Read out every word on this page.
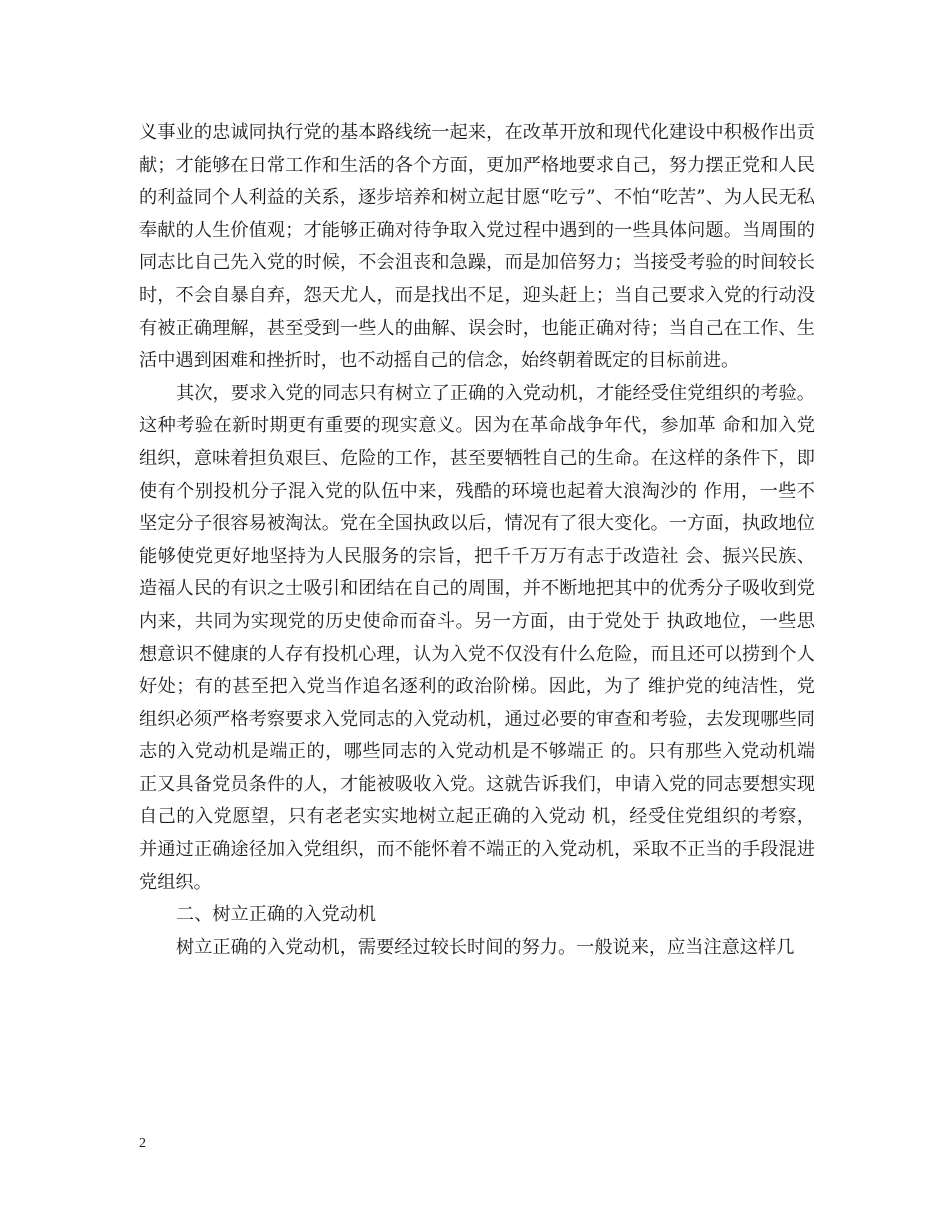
义事业的忠诚同执行党的基本路线统一起来，在改革开放和现代化建设中积极作出贡献；才能够在日常工作和生活的各个方面，更加严格地要求自己，努力摆正党和人民的利益同个人利益的关系，逐步培养和树立起甘愿“吃亏”、不怕“吃苦”、为人民无私奉献的人生价值观；才能够正确对待争取入党过程中遇到的一些具体问题。当周围的同志比自己先入党的时候，不会沮丧和急躁，而是加倍努力；当接受考验的时间较长时，不会自暴自弃，怨天尤人，而是找出不足，迎头赶上；当自己要求入党的行动没有被正确理解，甚至受到一些人的曲解、误会时，也能正确对待；当自己在工作、生活中遇到困难和挫折时，也不动摇自己的信念，始终朝着既定的目标前进。

其次，要求入党的同志只有树立了正确的入党动机，才能经受住党组织的考验。这种考验在新时期更有重要的现实意义。因为在革命战争年代，参加革 命和加入党组织，意味着担负艰巨、危险的工作，甚至要牺牲自己的生命。在这样的条件下，即使有个别投机分子混入党的队伍中来，残酷的环境也起着大浪淘沙的 作用，一些不坚定分子很容易被淘汰。党在全国执政以后，情况有了很大变化。一方面，执政地位能够使党更好地坚持为人民服务的宗旨，把千千万万有志于改造社 会、振兴民族、造福人民的有识之士吸引和团结在自己的周围，并不断地把其中的优秀分子吸收到党内来，共同为实现党的历史使命而奋斗。另一方面，由于党处于 执政地位，一些思想意识不健康的人存有投机心理，认为入党不仅没有什么危险，而且还可以捞到个人好处；有的甚至把入党当作追名逐利的政治阶梯。因此，为了 维护党的纯洁性，党组织必须严格考察要求入党同志的入党动机，通过必要的审查和考验，去发现哪些同志的入党动机是端正的，哪些同志的入党动机是不够端正 的。只有那些入党动机端正又具备党员条件的人，才能被吸收入党。这就告诉我们，申请入党的同志要想实现自己的入党愿望，只有老老实实地树立起正确的入党动 机，经受住党组织的考察，并通过正确途径加入党组织，而不能怀着不端正的入党动机，采取不正当的手段混进党组织。

二、树立正确的入党动机

树立正确的入党动机，需要经过较长时间的努力。一般说来，应当注意这样几

2
